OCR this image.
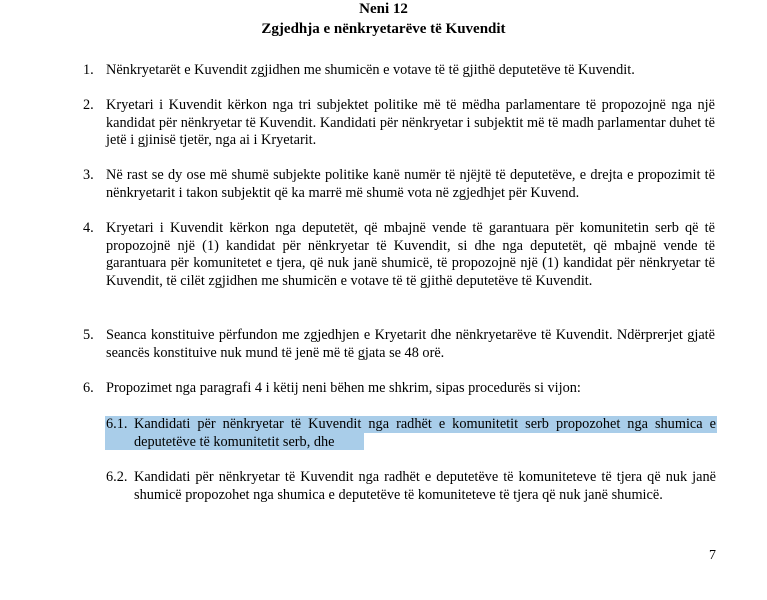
Neni 12
Zgjedhja e nënkryetarëve të Kuvendit
1. Nënkryetarët e Kuvendit zgjidhen me shumicën e votave të të gjithë deputetëve të Kuvendit.
2. Kryetari i Kuvendit kërkon nga tri subjektet politike më të mëdha parlamentare të propozojnë nga një kandidat për nënkryetar të Kuvendit. Kandidati për nënkryetar i subjektit më të madh parlamentar duhet të jetë i gjinisë tjetër, nga ai i Kryetarit.
3. Në rast se dy ose më shumë subjekte politike kanë numër të njëjtë të deputetëve, e drejta e propozimit të nënkryetarit i takon subjektit që ka marrë më shumë vota në zgjedhjet për Kuvend.
4. Kryetari i Kuvendit kërkon nga deputetët, që mbajnë vende të garantuara për komunitetin serb që të propozojnë një (1) kandidat për nënkryetar të Kuvendit, si dhe nga deputetët, që mbajnë vende të garantuara për komunitetet e tjera, që nuk janë shumicë, të propozojnë një (1) kandidat për nënkryetar të Kuvendit, të cilët zgjidhen me shumicën e votave të të gjithë deputetëve të Kuvendit.
5. Seanca konstituive përfundon me zgjedhjen e Kryetarit dhe nënkryetarëve të Kuvendit. Ndërprerjet gjatë seancës konstituive nuk mund të jenë më të gjata se 48 orë.
6. Propozimet nga paragrafi 4 i këtij neni bëhen me shkrim, sipas procedurës si vijon:
6.1. Kandidati për nënkryetar të Kuvendit nga radhët e komunitetit serb propozohet nga shumica e deputetëve të komunitetit serb, dhe
6.2. Kandidati për nënkryetar të Kuvendit nga radhët e deputetëve të komuniteteve të tjera që nuk janë shumicë propozohet nga shumica e deputetëve të komuniteteve të tjera që nuk janë shumicë.
7
